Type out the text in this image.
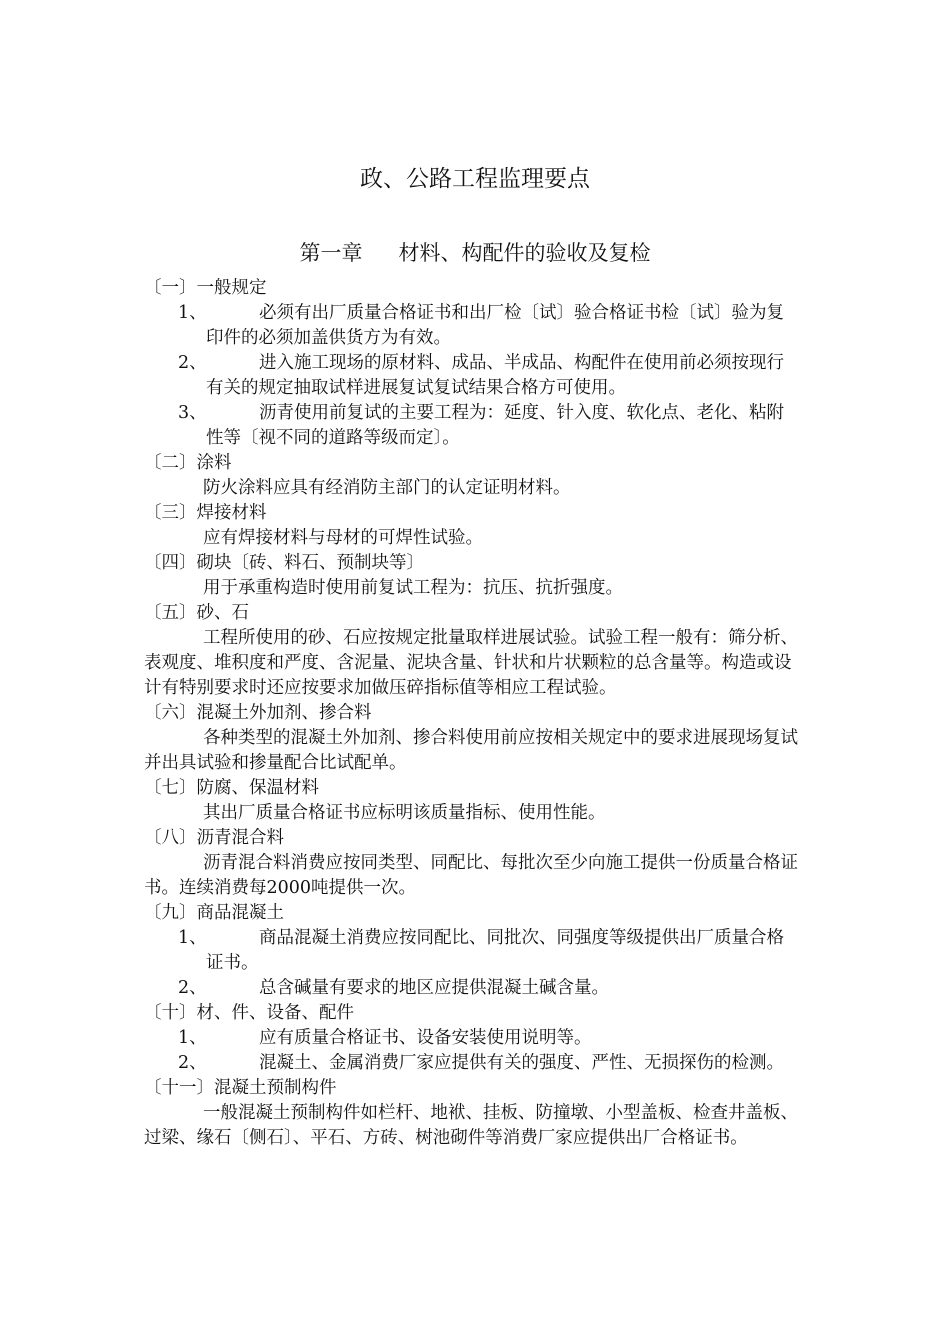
政、公路工程监理要点
第一章 材料、构配件的验收及复检
〔一〕一般规定
1、	必须有出厂质量合格证书和出厂检〔试〕验合格证书检〔试〕验为复印件的必须加盖供货方为有效。
2、	进入施工现场的原材料、成品、半成品、构配件在使用前必须按现行有关的规定抽取试样进展复试复试结果合格方可使用。
3、	沥青使用前复试的主要工程为：延度、针入度、软化点、老化、粘附性等〔视不同的道路等级而定〕。
〔二〕涂料
防火涂料应具有经消防主部门的认定证明材料。
〔三〕焊接材料
应有焊接材料与母材的可焊性试验。
〔四〕砌块〔砖、料石、预制块等〕
用于承重构造时使用前复试工程为：抗压、抗折强度。
〔五〕砂、石
工程所使用的砂、石应按规定批量取样进展试验。试验工程一般有：筛分析、表观度、堆积度和严度、含泥量、泥块含量、针状和片状颗粒的总含量等。构造或设计有特别要求时还应按要求加做压碎指标值等相应工程试验。
〔六〕混凝土外加剂、掺合料
各种类型的混凝土外加剂、掺合料使用前应按相关规定中的要求进展现场复试并出具试验和掺量配合比试配单。
〔七〕防腐、保温材料
其出厂质量合格证书应标明该质量指标、使用性能。
〔八〕沥青混合料
沥青混合料消费应按同类型、同配比、每批次至少向施工提供一份质量合格证书。连续消费每2000吨提供一次。
〔九〕商品混凝土
1、	商品混凝土消费应按同配比、同批次、同强度等级提供出厂质量合格证书。
2、	总含碱量有要求的地区应提供混凝土碱含量。
〔十〕材、件、设备、配件
1、	应有质量合格证书、设备安装使用说明等。
2、	混凝土、金属消费厂家应提供有关的强度、严性、无损探伤的检测。
〔十一〕混凝土预制构件
一般混凝土预制构件如栏杆、地袱、挂板、防撞墩、小型盖板、检查井盖板、过梁、缘石〔侧石〕、平石、方砖、树池砌件等消费厂家应提供出厂合格证书。
